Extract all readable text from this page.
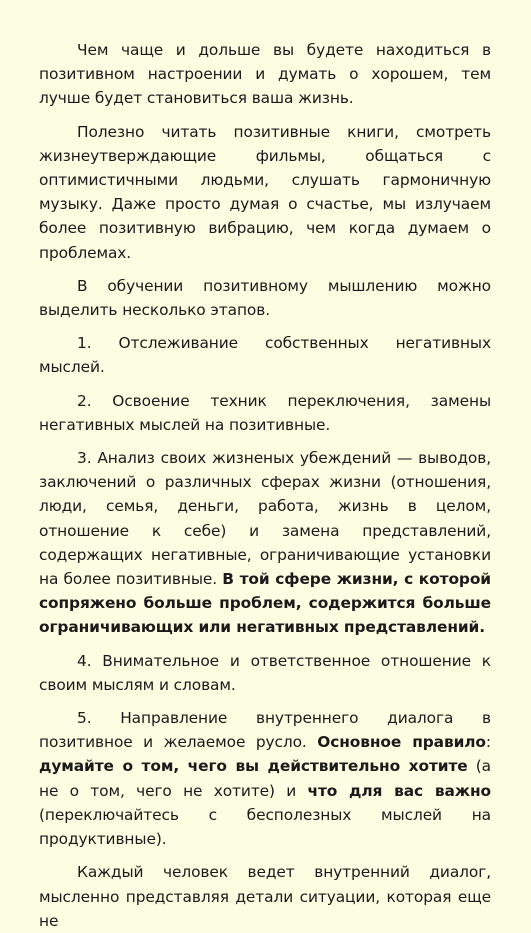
Чем чаще и дольше вы будете находиться в позитивном настроении и думать о хорошем, тем лучше будет становиться ваша жизнь.

Полезно читать позитивные книги, смотреть жизнеутверждающие фильмы, общаться с оптимистичными людьми, слушать гармоничную музыку. Даже просто думая о счастье, мы излучаем более позитивную вибрацию, чем когда думаем о проблемах.

В обучении позитивному мышлению можно выделить несколько этапов.

1. Отслеживание собственных негативных мыслей.

2. Освоение техник переключения, замены негативных мыслей на позитивные.

3. Анализ своих жизненых убеждений — выводов, заключений о различных сферах жизни (отношения, люди, семья, деньги, работа, жизнь в целом, отношение к себе) и замена представлений, содержащих негативные, ограничивающие установки на более позитивные. В той сфере жизни, с которой сопряжено больше проблем, содержится больше ограничивающих или негативных представлений.

4. Внимательное и ответственное отношение к своим мыслям и словам.

5. Направление внутреннего диалога в позитивное и желаемое русло. Основное правило: думайте о том, чего вы действительно хотите (а не о том, чего не хотите) и что для вас важно (переключайтесь с бесполезных мыслей на продуктивные).

Каждый человек ведет внутренний диалог, мысленно представляя детали ситуации, которая еще не
